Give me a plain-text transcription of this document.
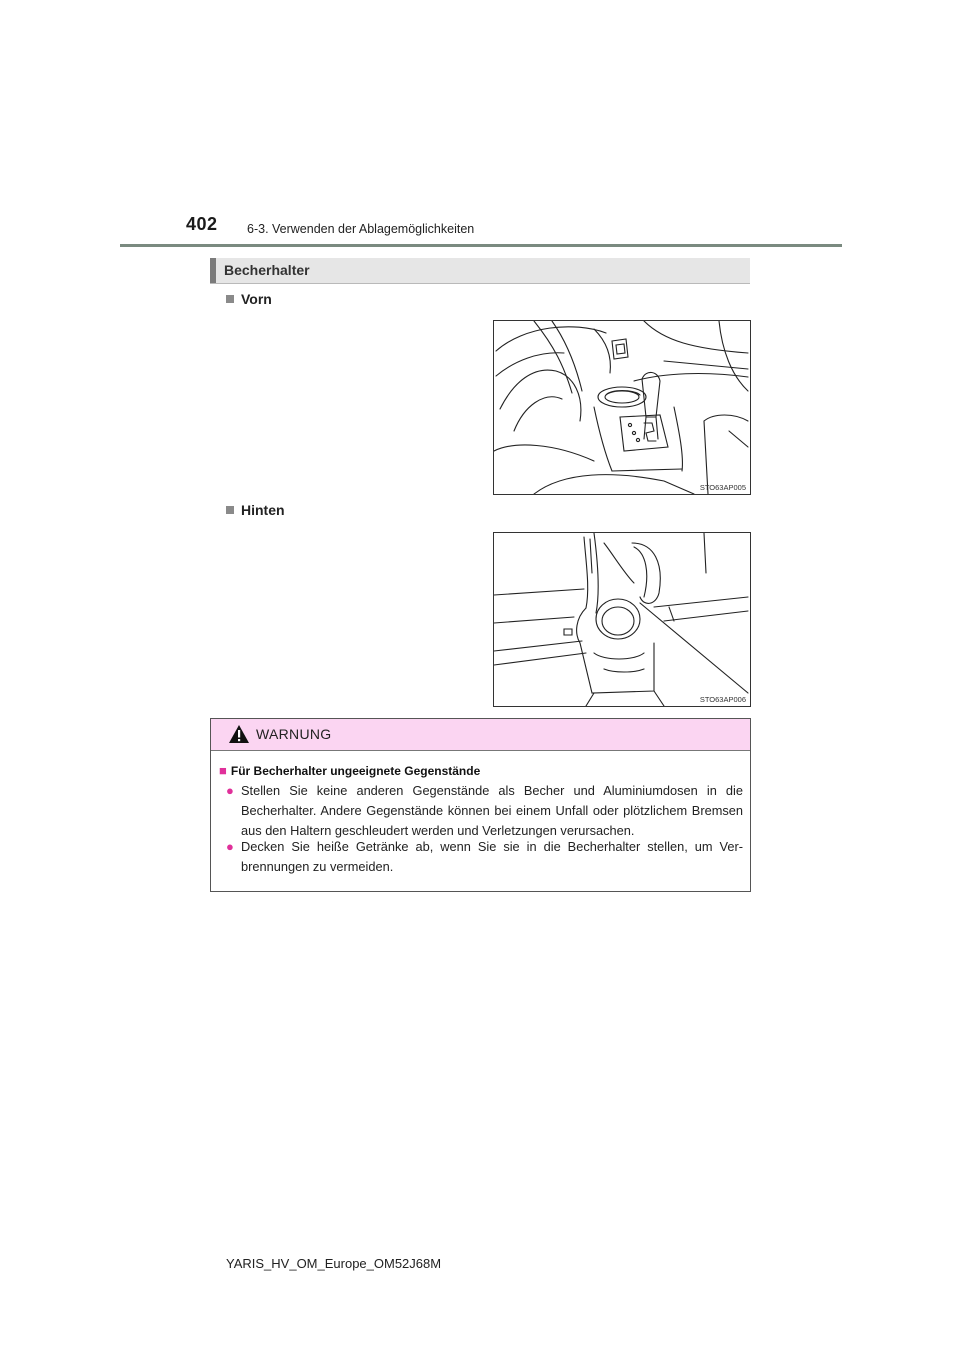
402 6-3. Verwenden der Ablagemöglichkeiten
Becherhalter
Vorn
STO63AP005
Hinten
STO63AP006
WARNUNG
■ Für Becherhalter ungeeignete Gegenstände
● Stellen Sie keine anderen Gegenstände als Becher und Aluminiumdosen in die Becherhalter. Andere Gegenstände können bei einem Unfall oder plötzlichem Bremsen aus den Haltern geschleudert werden und Verletzungen verursachen.
● Decken Sie heiße Getränke ab, wenn Sie sie in die Becherhalter stellen, um Ver-brennungen zu vermeiden.
YARIS_HV_OM_Europe_OM52J68M
